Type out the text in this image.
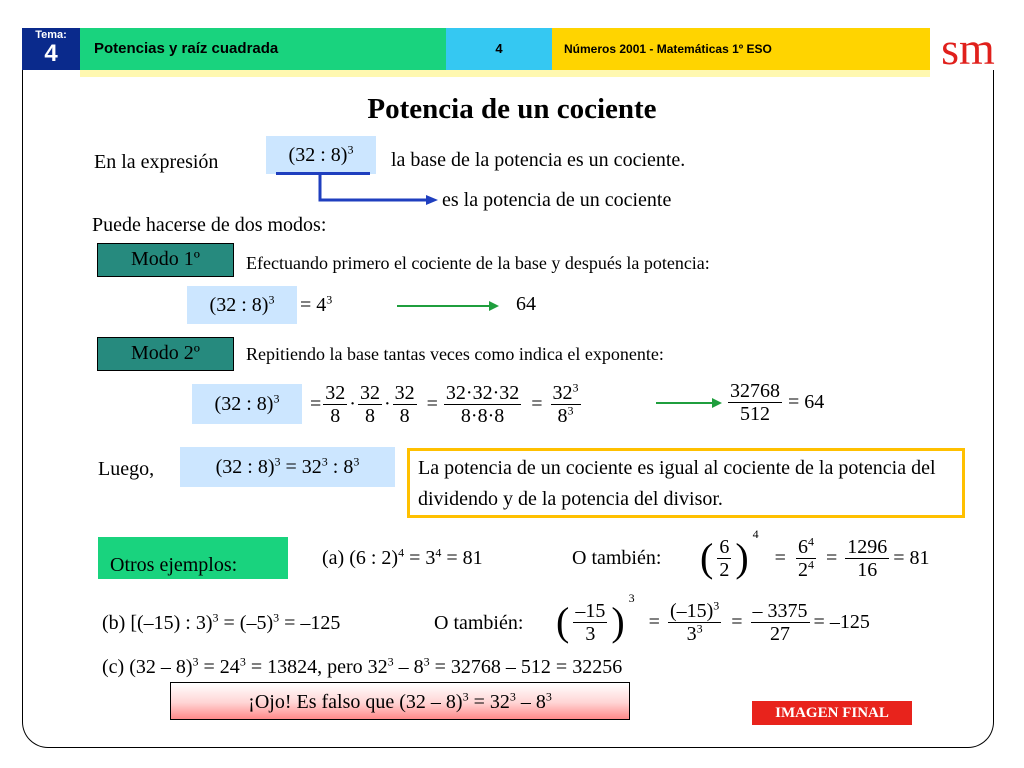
Tema:
4	Potencias y raíz cuadrada	4	Números 2001 - Matemáticas 1º ESO	sm
Potencia de un cociente
En la expresión	(32 : 8)$^3$	la base de la potencia es un cociente.
es la potencia de un cociente
Puede hacerse de dos modos:
Modo 1º	Efectuando primero el cociente de la base y después la potencia:
(32 : 8)$^3$	= $4^3$	64
Modo 2º	Repitiendo la base tantas veces como indica el exponente:
(32 : 8)$^3$	= $\frac{32}{8} \cdot \frac{32}{8} \cdot \frac{32}{8} = \frac{32\cdot 32\cdot 32}{8\cdot 8\cdot 8} = \frac{32^3}{8^3}$	$\frac{32768}{512} = 64$
Luego,	(32 : $8)^3 = 32^3$ : $8^3$	La potencia de un cociente es igual al cociente de la potencia del dividendo y de la potencia del divisor.
Otros ejemplos:	(a) (6 : $2)^4 = 3^4 = 81$	O también: ( $\frac{6}{2}$ )
4
= $\frac{6^4}{2^4} = \frac{1296}{16} = 81$
(b) [(–15) : $3)^3 = (-5)^3 = -125$	O también: ( $\frac{-15}{3}$ )
3
= $\frac{(-15)^3}{3^3} = \frac{- 3375}{27} = -125$
(c) $(32 - 8)^3 = 24^3 = 13824$, pero $32^3 - 8^3 = 32768 - 512 = 32256$
¡Ojo! Es falso que $(32 - 8)^3 = 32^3 - 8^3$
IMAGEN FINAL
